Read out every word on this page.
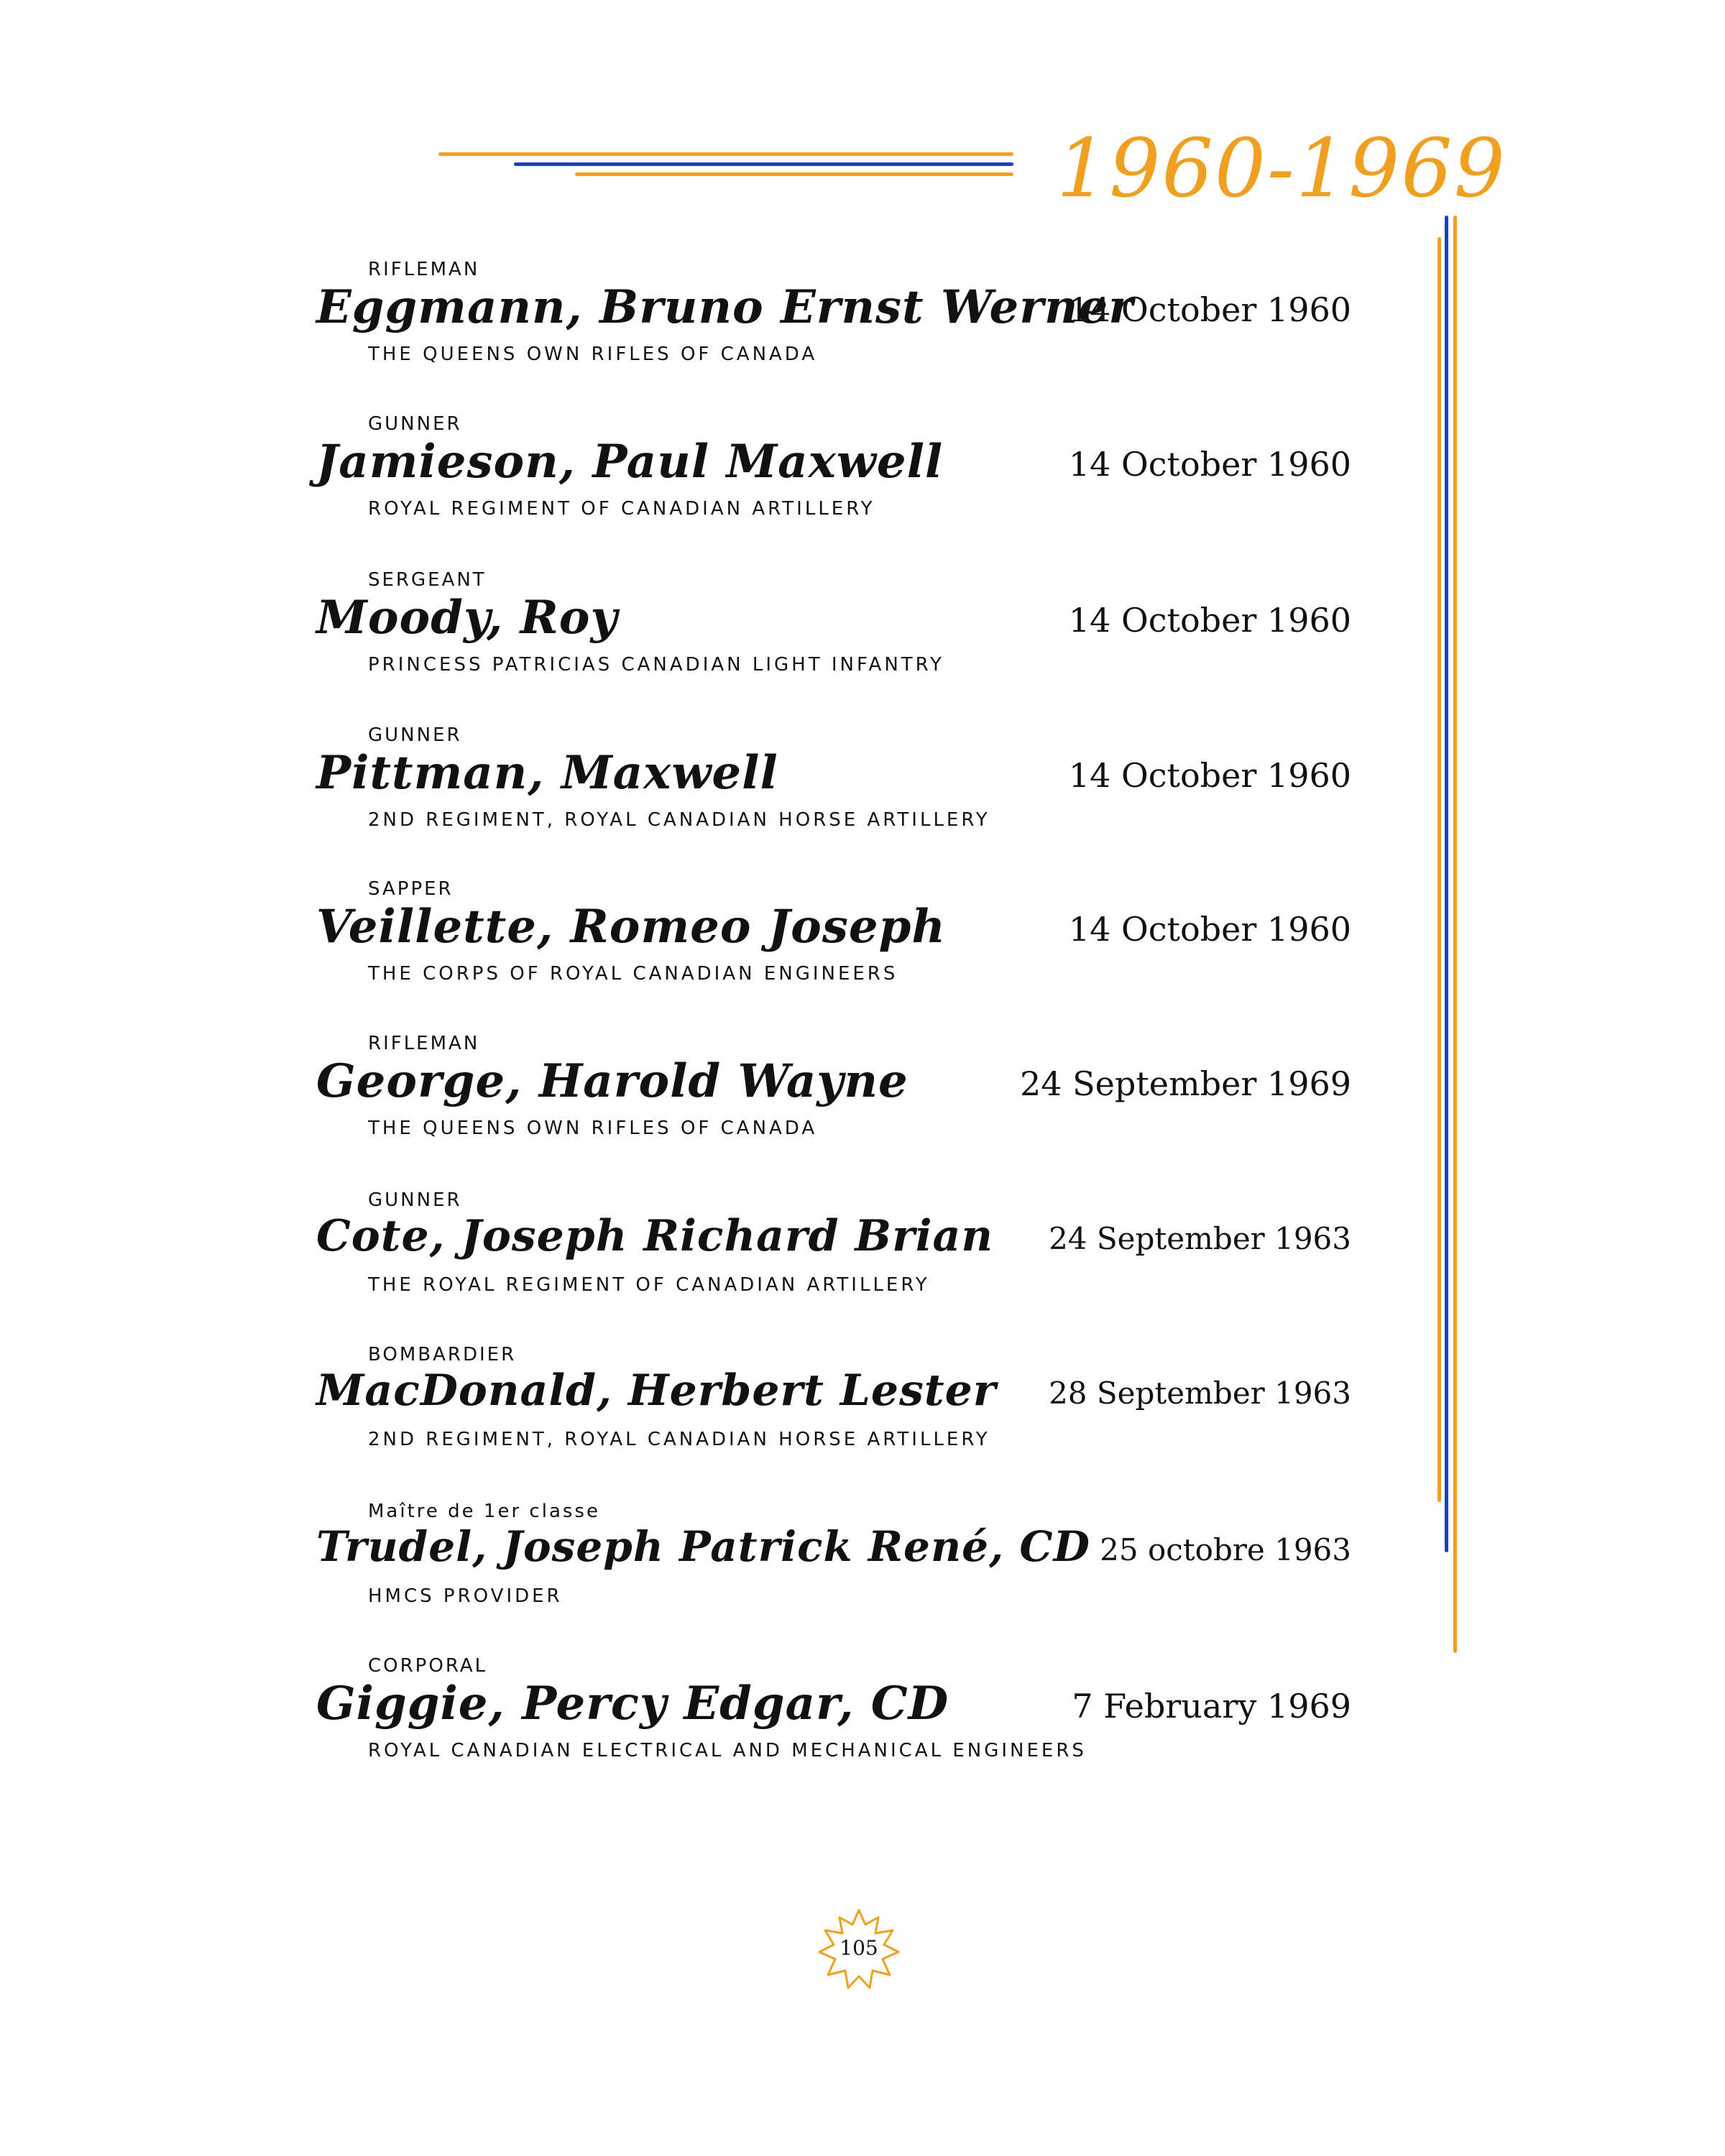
1960-1969
RIFLEMAN
Eggmann, Bruno Ernst Werner
14 October 1960
THE QUEENS OWN RIFLES OF CANADA
GUNNER
Jamieson, Paul Maxwell	14 October 1960
ROYAL REGIMENT OF CANADIAN ARTILLERY
SERGEANT
Moody, Roy	14 October 1960
PRINCESS PATRICIAS CANADIAN LIGHT INFANTRY
GUNNER
Pittman, Maxwell	14 October 1960
2ND REGIMENT, ROYAL CANADIAN HORSE ARTILLERY
SAPPER
Veillette, Romeo Joseph	14 October 1960
THE CORPS OF ROYAL CANADIAN ENGINEERS
RIFLEMAN
George, Harold Wayne	24 September 1969
THE QUEENS OWN RIFLES OF CANADA
GUNNER
Cote, Joseph Richard Brian 24 September 1963
THE ROYAL REGIMENT OF CANADIAN ARTILLERY
BOMBARDIER
MacDonald, Herbert Lester 28 September 1963
2ND REGIMENT, ROYAL CANADIAN HORSE ARTILLERY
Maître de 1er classe
Trudel, Joseph Patrick René, CD 25 octobre 1963
HMCS PROVIDER
CORPORAL
Giggie, Percy Edgar, CD	7 February 1969
ROYAL CANADIAN ELECTRICAL AND MECHANICAL ENGINEERS
105
